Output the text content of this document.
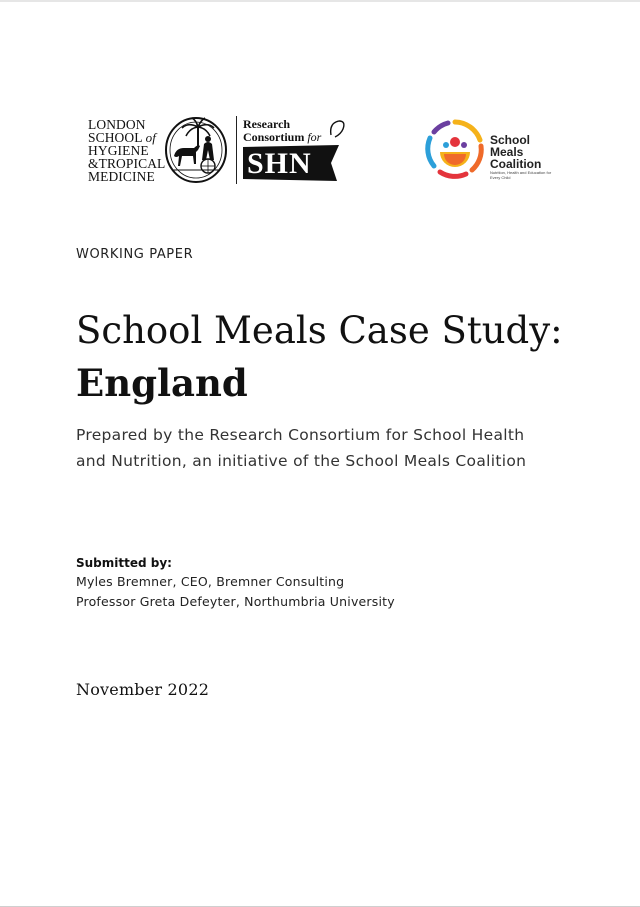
LONDON
SCHOOL of
HYGIENE
&TROPICAL
MEDICINE
Research
Consortium for
SHN
School
Meals
Coalition
Nutrition, Health and Education for Every Child
WORKING PAPER
School Meals Case Study:
England
Prepared by the Research Consortium for School Health
and Nutrition, an initiative of the School Meals Coalition
Submitted by:
Myles Bremner, CEO, Bremner Consulting
Professor Greta Defeyter, Northumbria University
November 2022
